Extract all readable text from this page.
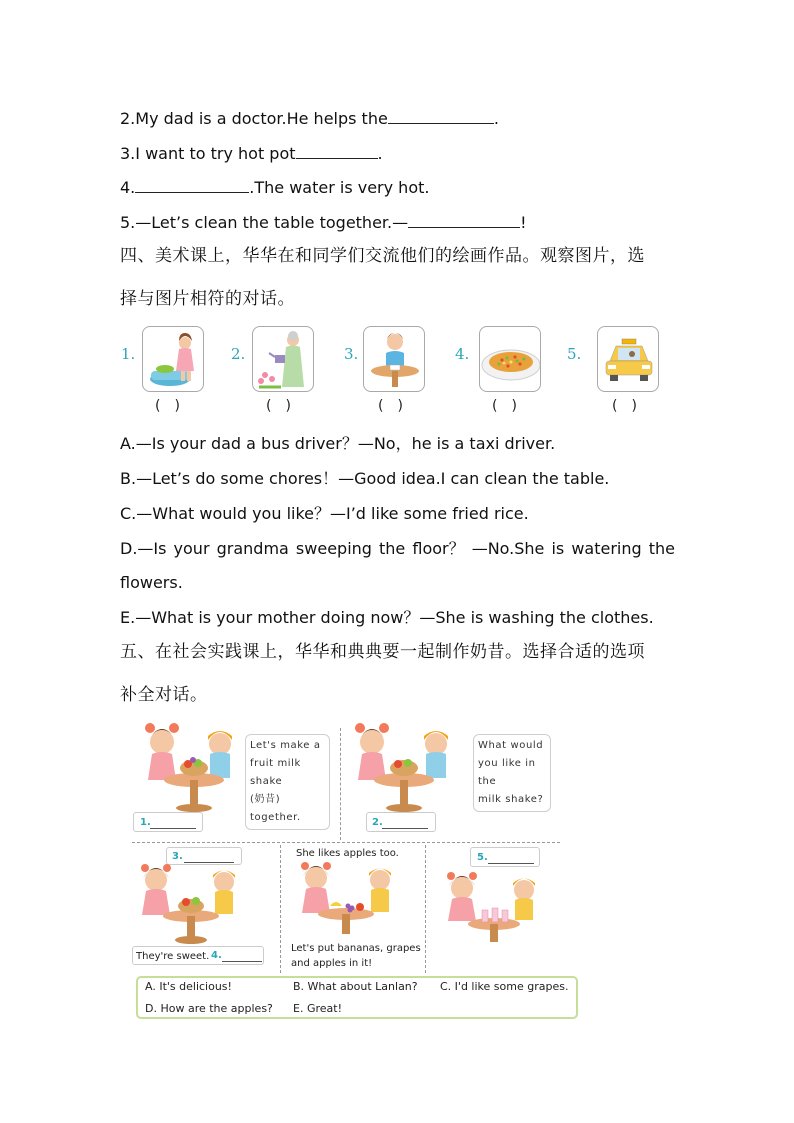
2.My dad is a doctor.He helps the	.
3.I want to try hot pot	.
4.	.The water is very hot.
5.—Let’s clean the table together.—	!
四、美术课上，华华在和同学们交流他们的绘画作品。观察图片，选
择与图片相符的对话。
1.
(　)
2.
(　)
3.
(　)
4.
(　)
5.
(　)
A.—Is your dad a bus driver？—No，he is a taxi driver.
B.—Let’s do some chores！—Good idea.I can clean the table.
C.—What would you like？—I’d like some fried rice.
D.—Is your grandma sweeping the floor？ —No.She is watering the
flowers.
E.—What is your mother doing now？—She is washing the clothes.
五、在社会实践课上，华华和典典要一起制作奶昔。选择合适的选项
补全对话。
Let's make a
fruit milk shake
(奶昔) together.
1.
What would
you like in the
milk shake?
2.
3.
They're sweet. 4.
She likes apples too.
Let's put bananas, grapes
and apples in it!
5.
A. It's delicious!	B. What about Lanlan? C. I'd like some grapes.
D. How are the apples? E. Great!
